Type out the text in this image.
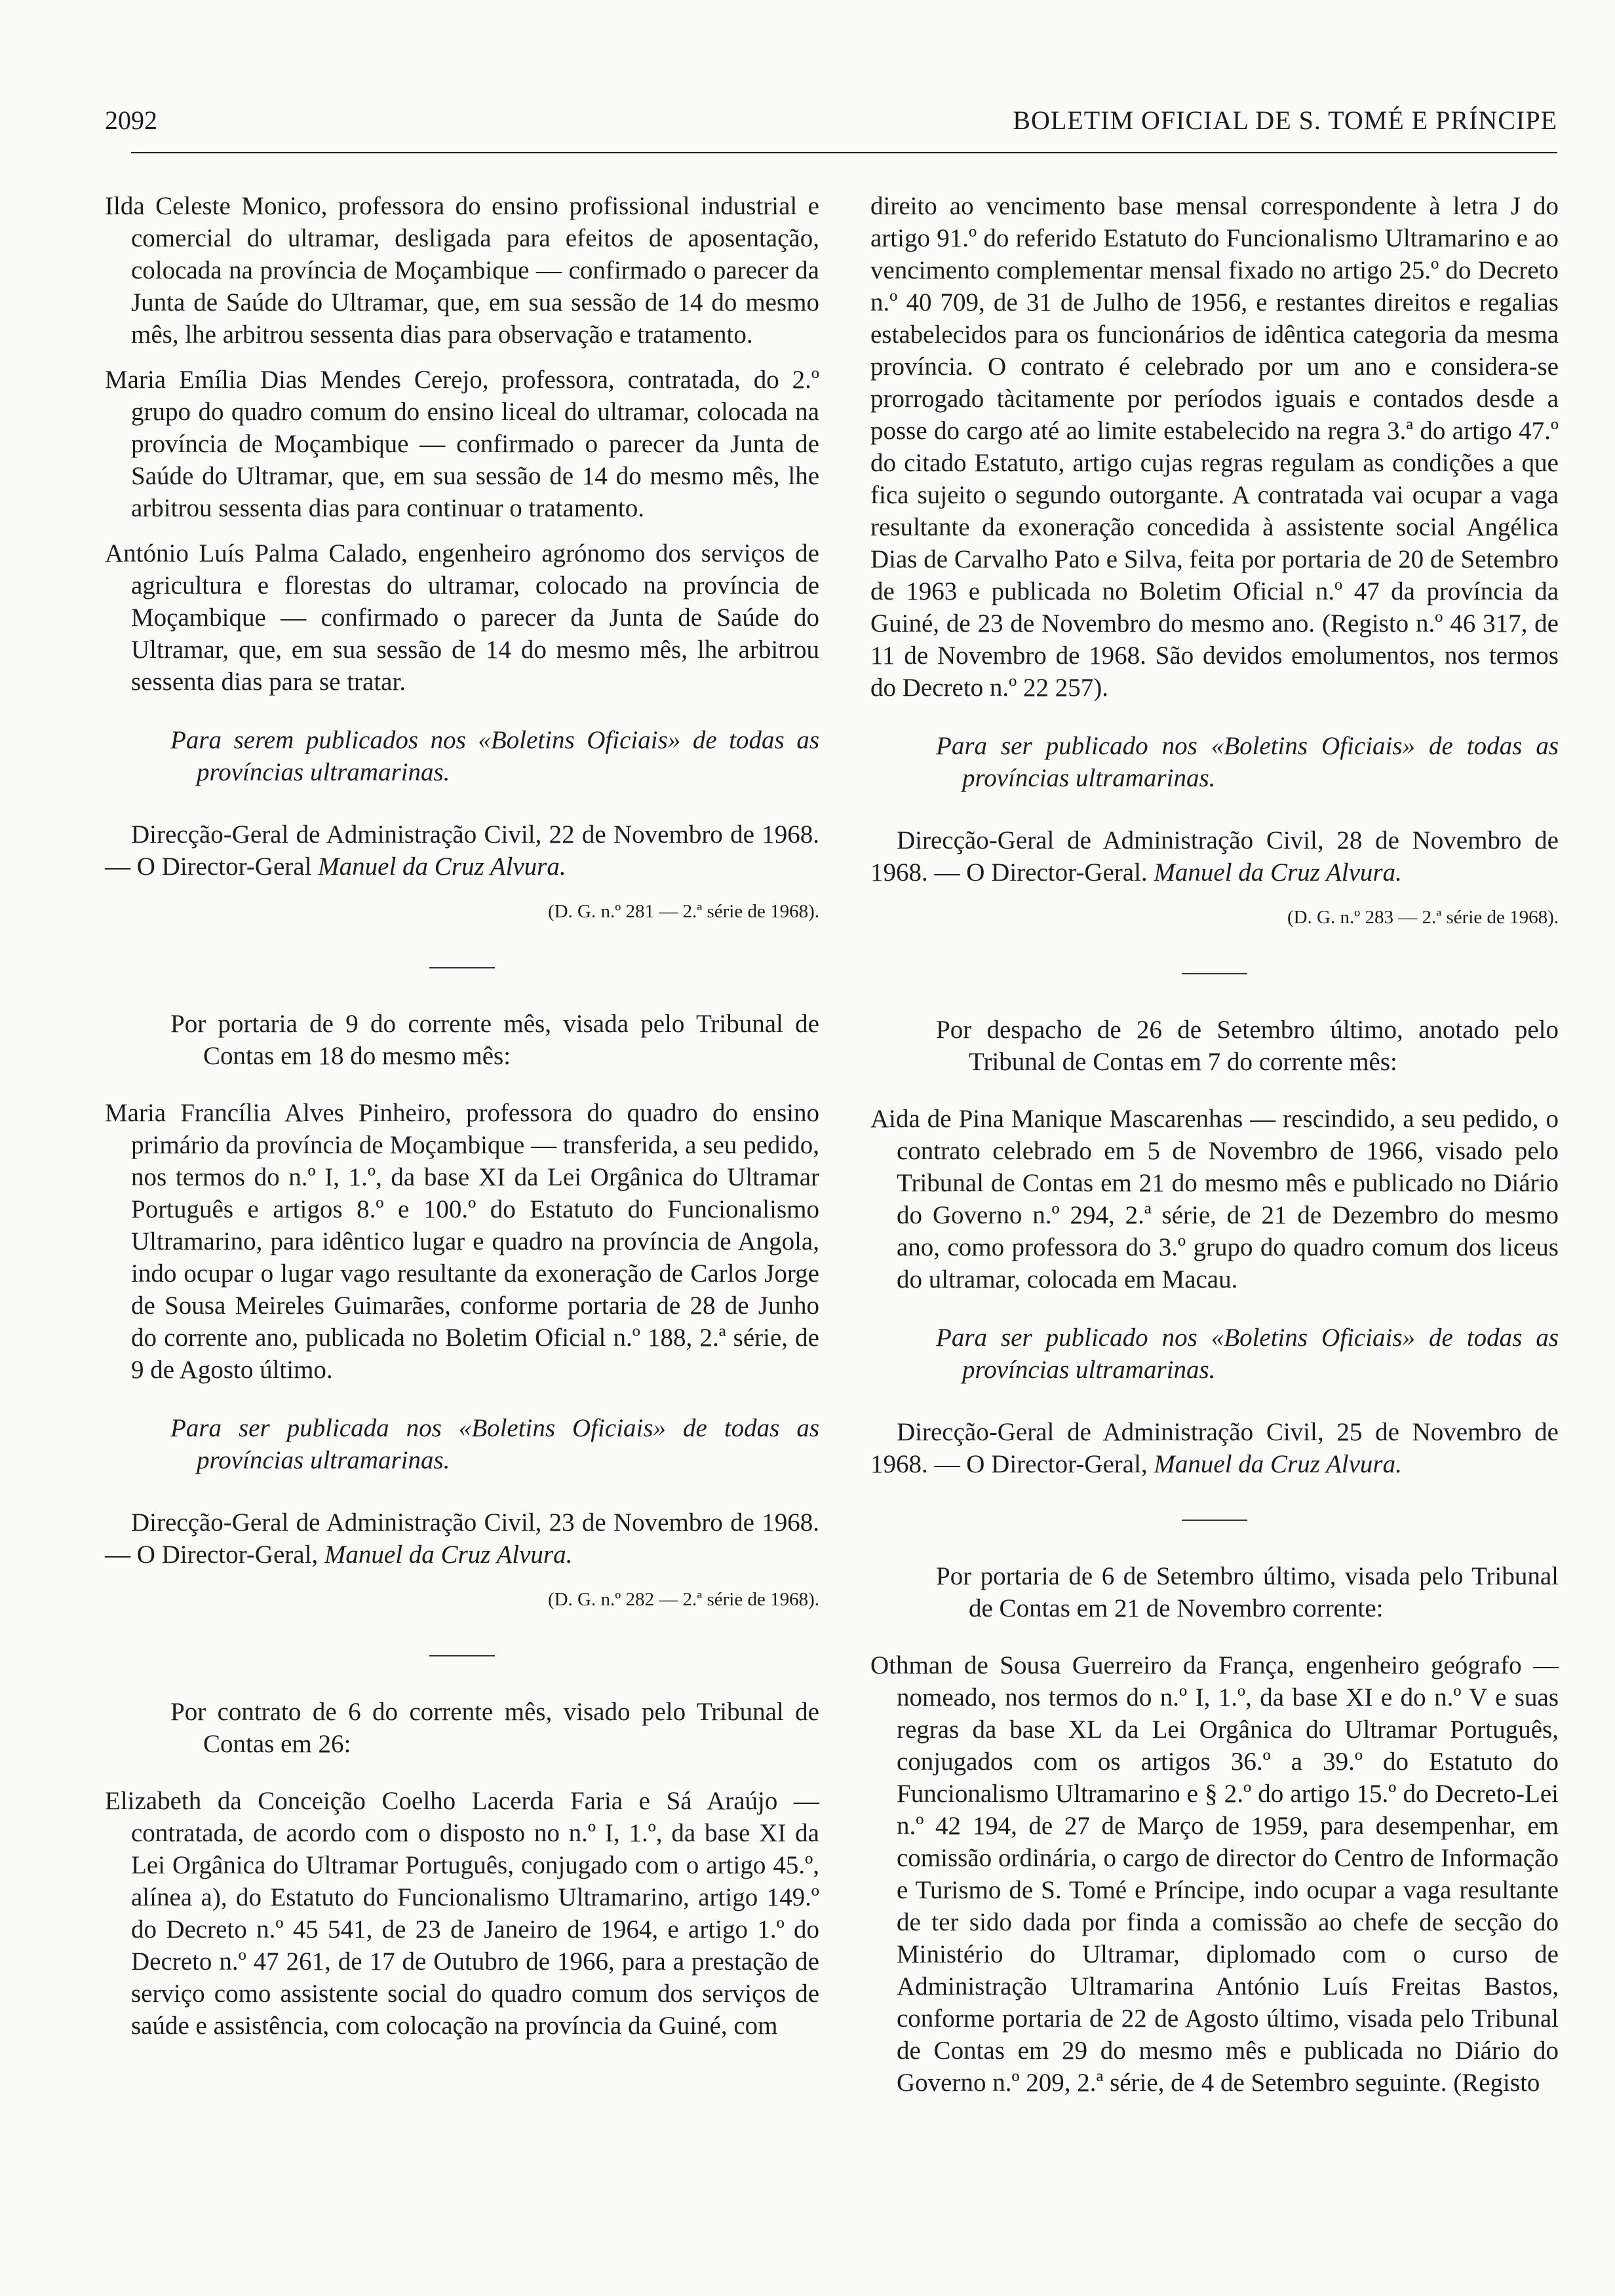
2092	BOLETIM OFICIAL DE S. TOMÉ E PRÍNCIPE

Ilda Celeste Monico, professora do ensino profissional industrial e comercial do ultramar, desligada para efeitos de aposentação, colocada na província de Moçambique — confirmado o parecer da Junta de Saúde do Ultramar, que, em sua sessão de 14 do mesmo mês, lhe arbitrou sessenta dias para observação e tratamento.

Maria Emília Dias Mendes Cerejo, professora, contratada, do 2.º grupo do quadro comum do ensino liceal do ultramar, colocada na província de Moçambique — confirmado o parecer da Junta de Saúde do Ultramar, que, em sua sessão de 14 do mesmo mês, lhe arbitrou sessenta dias para continuar o tratamento.

António Luís Palma Calado, engenheiro agrónomo dos serviços de agricultura e florestas do ultramar, colocado na província de Moçambique — confirmado o parecer da Junta de Saúde do Ultramar, que, em sua sessão de 14 do mesmo mês, lhe arbitrou sessenta dias para se tratar.

Para serem publicados nos «Boletins Oficiais» de todas as províncias ultramarinas.

Direcção-Geral de Administração Civil, 22 de Novembro de 1968. — O Director-Geral Manuel da Cruz Alvura.

(D. G. n.º 281 — 2.ª série de 1968).

Por portaria de 9 do corrente mês, visada pelo Tribunal de Contas em 18 do mesmo mês:

Maria Francília Alves Pinheiro, professora do quadro do ensino primário da província de Moçambique — transferida, a seu pedido, nos termos do n.º I, 1.º, da base XI da Lei Orgânica do Ultramar Português e artigos 8.º e 100.º do Estatuto do Funcionalismo Ultramarino, para idêntico lugar e quadro na província de Angola, indo ocupar o lugar vago resultante da exoneração de Carlos Jorge de Sousa Meireles Guimarães, conforme portaria de 28 de Junho do corrente ano, publicada no Boletim Oficial n.º 188, 2.ª série, de 9 de Agosto último.

Para ser publicada nos «Boletins Oficiais» de todas as províncias ultramarinas.

Direcção-Geral de Administração Civil, 23 de Novembro de 1968. — O Director-Geral, Manuel da Cruz Alvura.

(D. G. n.º 282 — 2.ª série de 1968).

Por contrato de 6 do corrente mês, visado pelo Tribunal de Contas em 26:

Elizabeth da Conceição Coelho Lacerda Faria e Sá Araújo — contratada, de acordo com o disposto no n.º I, 1.º, da base XI da Lei Orgânica do Ultramar Português, conjugado com o artigo 45.º, alínea a), do Estatuto do Funcionalismo Ultramarino, artigo 149.º do Decreto n.º 45 541, de 23 de Janeiro de 1964, e artigo 1.º do Decreto n.º 47 261, de 17 de Outubro de 1966, para a prestação de serviço como assistente social do quadro comum dos serviços de saúde e assistência, com colocação na província da Guiné, com

direito ao vencimento base mensal correspondente à letra J do artigo 91.º do referido Estatuto do Funcionalismo Ultramarino e ao vencimento complementar mensal fixado no artigo 25.º do Decreto n.º 40 709, de 31 de Julho de 1956, e restantes direitos e regalias estabelecidos para os funcionários de idêntica categoria da mesma província. O contrato é celebrado por um ano e considera-se prorrogado tàcitamente por períodos iguais e contados desde a posse do cargo até ao limite estabelecido na regra 3.ª do artigo 47.º do citado Estatuto, artigo cujas regras regulam as condições a que fica sujeito o segundo outorgante. A contratada vai ocupar a vaga resultante da exoneração concedida à assistente social Angélica Dias de Carvalho Pato e Silva, feita por portaria de 20 de Setembro de 1963 e publicada no Boletim Oficial n.º 47 da província da Guiné, de 23 de Novembro do mesmo ano. (Registo n.º 46 317, de 11 de Novembro de 1968. São devidos emolumentos, nos termos do Decreto n.º 22 257).

Para ser publicado nos «Boletins Oficiais» de todas as províncias ultramarinas.

Direcção-Geral de Administração Civil, 28 de Novembro de 1968. — O Director-Geral. Manuel da Cruz Alvura.

(D. G. n.º 283 — 2.ª série de 1968).

Por despacho de 26 de Setembro último, anotado pelo Tribunal de Contas em 7 do corrente mês:

Aida de Pina Manique Mascarenhas — rescindido, a seu pedido, o contrato celebrado em 5 de Novembro de 1966, visado pelo Tribunal de Contas em 21 do mesmo mês e publicado no Diário do Governo n.º 294, 2.ª série, de 21 de Dezembro do mesmo ano, como professora do 3.º grupo do quadro comum dos liceus do ultramar, colocada em Macau.

Para ser publicado nos «Boletins Oficiais» de todas as províncias ultramarinas.

Direcção-Geral de Administração Civil, 25 de Novembro de 1968. — O Director-Geral, Manuel da Cruz Alvura.

Por portaria de 6 de Setembro último, visada pelo Tribunal de Contas em 21 de Novembro corrente:

Othman de Sousa Guerreiro da França, engenheiro geógrafo — nomeado, nos termos do n.º I, 1.º, da base XI e do n.º V e suas regras da base XL da Lei Orgânica do Ultramar Português, conjugados com os artigos 36.º a 39.º do Estatuto do Funcionalismo Ultramarino e § 2.º do artigo 15.º do Decreto-Lei n.º 42 194, de 27 de Março de 1959, para desempenhar, em comissão ordinária, o cargo de director do Centro de Informação e Turismo de S. Tomé e Príncipe, indo ocupar a vaga resultante de ter sido dada por finda a comissão ao chefe de secção do Ministério do Ultramar, diplomado com o curso de Administração Ultramarina António Luís Freitas Bastos, conforme portaria de 22 de Agosto último, visada pelo Tribunal de Contas em 29 do mesmo mês e publicada no Diário do Governo n.º 209, 2.ª série, de 4 de Setembro seguinte. (Registo
